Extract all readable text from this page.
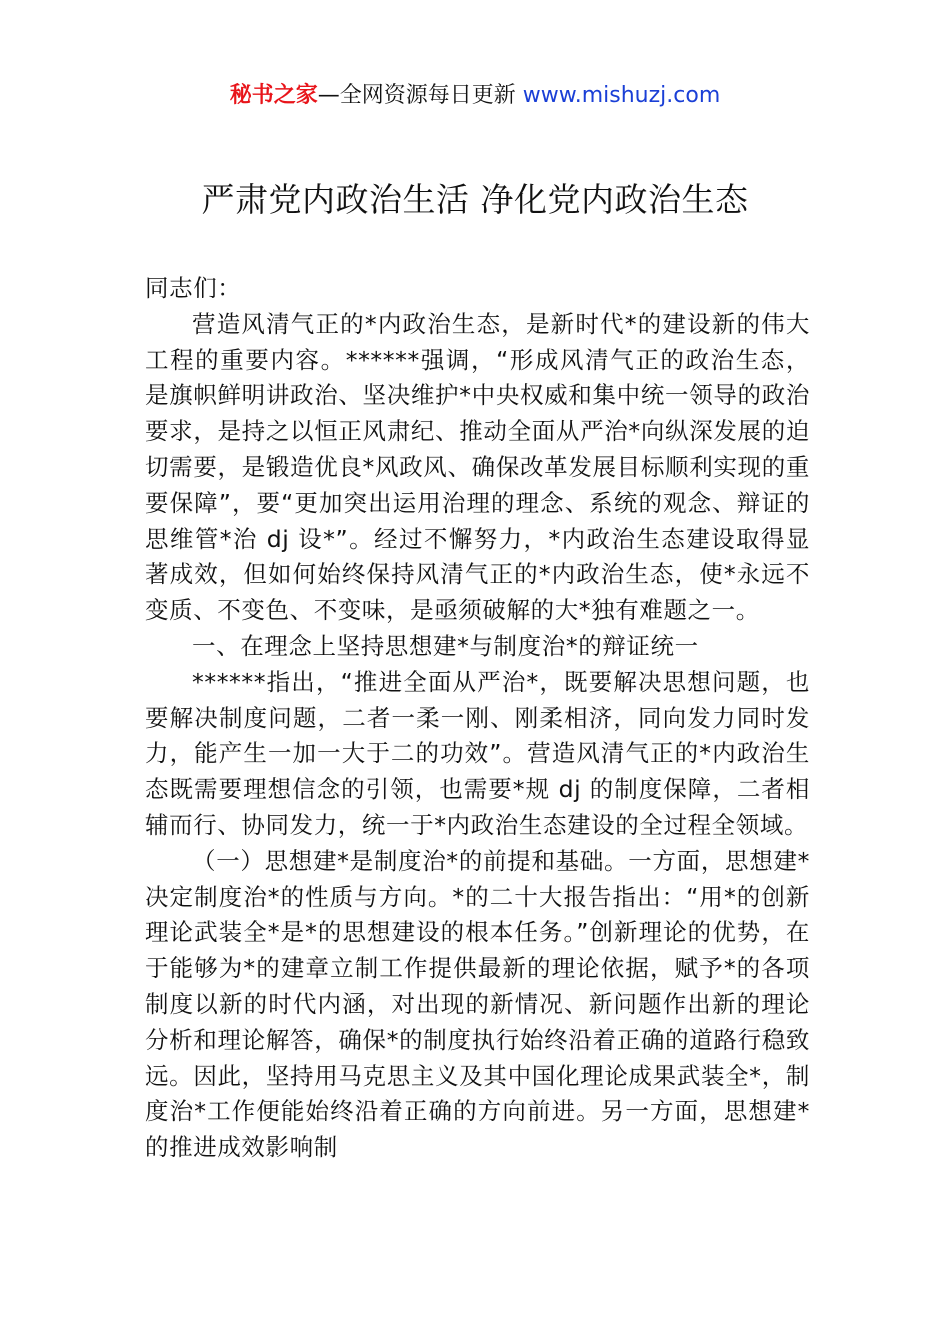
秘书之家—全网资源每日更新 www.mishuzj.com
严肃党内政治生活 净化党内政治生态

同志们：

营造风清气正的*内政治生态，是新时代*的建设新的伟大工程的重要内容。******强调，“形成风清气正的政治生态，是旗帜鲜明讲政治、坚决维护*中央权威和集中统一领导的政治要求，是持之以恒正风肃纪、推动全面从严治*向纵深发展的迫切需要，是锻造优良*风政风、确保改革发展目标顺利实现的重要保障”，要“更加突出运用治理的理念、系统的观念、辩证的思维管*治 dj 设*”。经过不懈努力，*内政治生态建设取得显著成效，但如何始终保持风清气正的*内政治生态，使*永远不变质、不变色、不变味，是亟须破解的大*独有难题之一。

一、在理念上坚持思想建*与制度治*的辩证统一

******指出，“推进全面从严治*，既要解决思想问题，也要解决制度问题，二者一柔一刚、刚柔相济，同向发力同时发力，能产生一加一大于二的功效”。营造风清气正的*内政治生态既需要理想信念的引领，也需要*规 dj 的制度保障，二者相辅而行、协同发力，统一于*内政治生态建设的全过程全领域。

（一）思想建*是制度治*的前提和基础。一方面，思想建*决定制度治*的性质与方向。*的二十大报告指出：“用*的创新理论武装全*是*的思想建设的根本任务。”创新理论的优势，在于能够为*的建章立制工作提供最新的理论依据，赋予*的各项制度以新的时代内涵，对出现的新情况、新问题作出新的理论分析和理论解答，确保*的制度执行始终沿着正确的道路行稳致远。因此，坚持用马克思主义及其中国化理论成果武装全*，制度治*工作便能始终沿着正确的方向前进。另一方面，思想建*的推进成效影响制
